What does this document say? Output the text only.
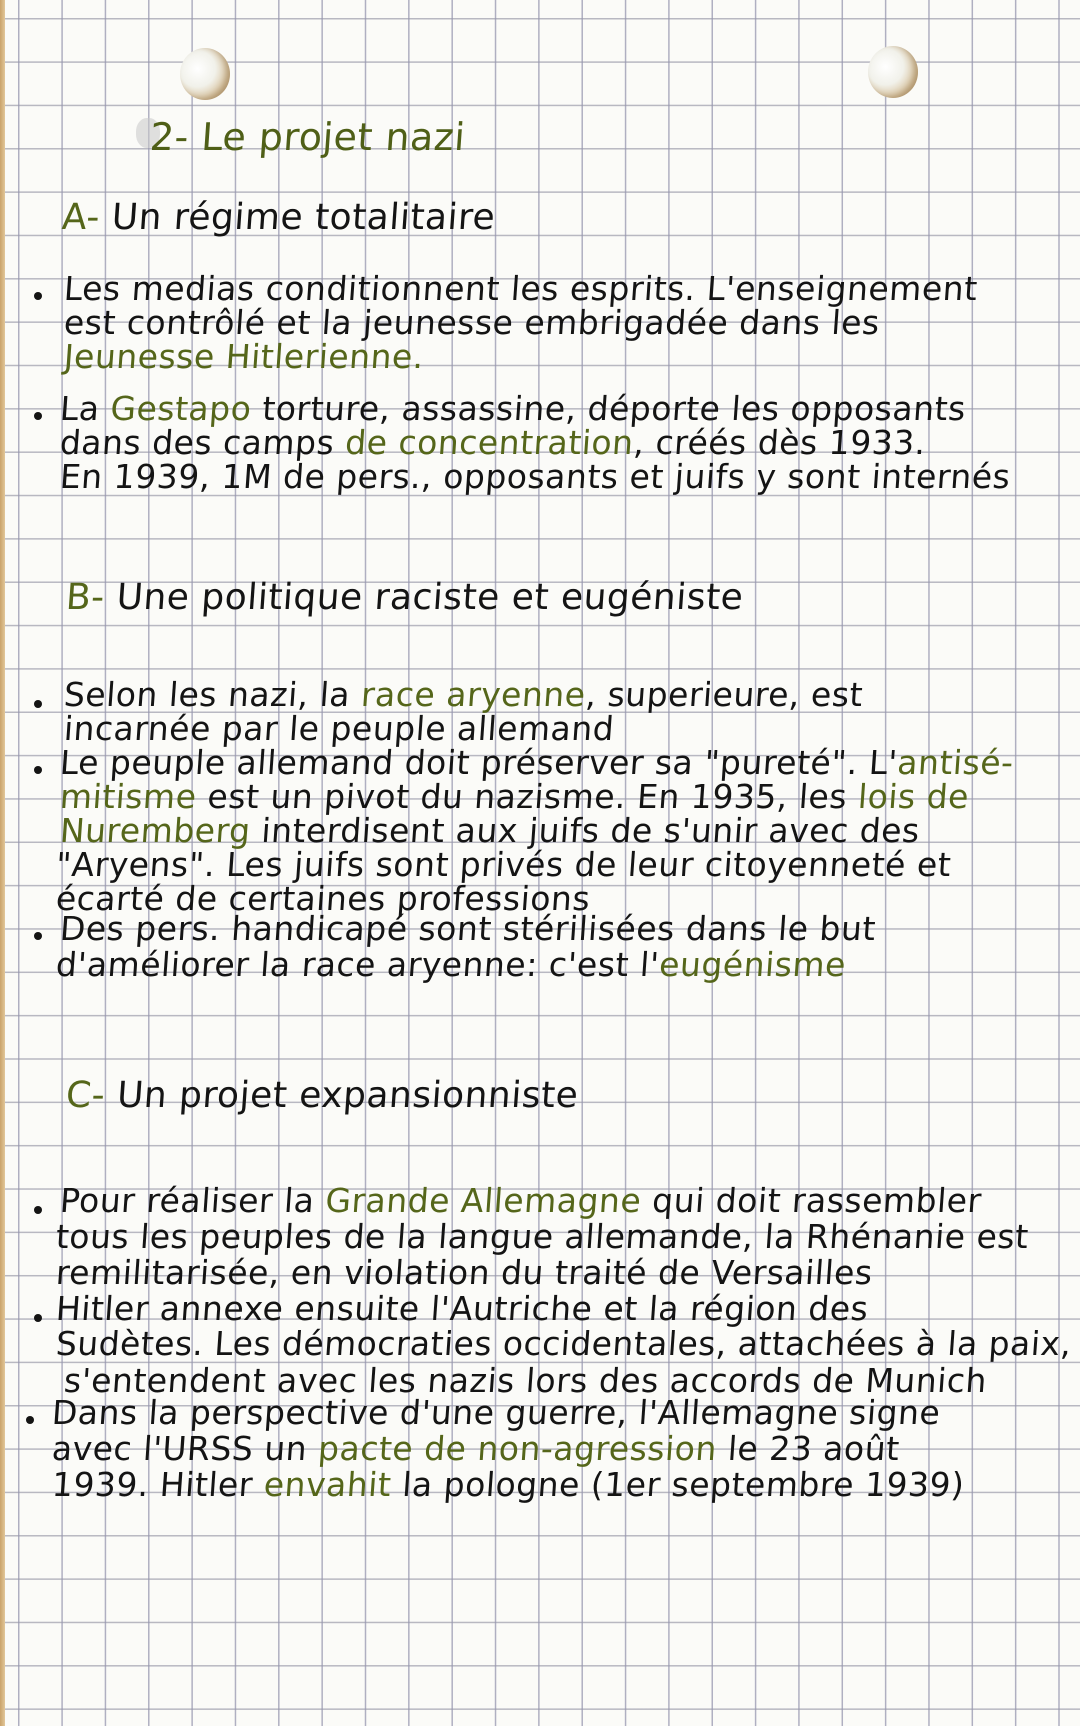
2- Le projet nazi
A- Un régime totalitaire
Les medias conditionnent les esprits. L'enseignement
est contrôlé et la jeunesse embrigadée dans les
Jeunesse Hitlerienne.
La Gestapo torture, assassine, déporte les opposants
dans des camps de concentration, créés dès 1933.
En 1939, 1M de pers., opposants et juifs y sont internés
B- Une politique raciste et eugéniste
Selon les nazi, la race aryenne, superieure, est
incarnée par le peuple allemand
Le peuple allemand doit préserver sa "pureté". L'antisé-
mitisme est un pivot du nazisme. En 1935, les lois de
Nuremberg interdisent aux juifs de s'unir avec des
"Aryens". Les juifs sont privés de leur citoyenneté et
écarté de certaines professions
Des pers. handicapé sont stérilisées dans le but
d'améliorer la race aryenne: c'est l'eugénisme
C- Un projet expansionniste
Pour réaliser la Grande Allemagne qui doit rassembler
tous les peuples de la langue allemande, la Rhénanie est
remilitarisée, en violation du traité de Versailles
Hitler annexe ensuite l'Autriche et la région des
Sudètes. Les démocraties occidentales, attachées à la paix,
s'entendent avec les nazis lors des accords de Munich
Dans la perspective d'une guerre, l'Allemagne signe
avec l'URSS un pacte de non-agression le 23 août
1939. Hitler envahit la pologne (1er septembre 1939)
